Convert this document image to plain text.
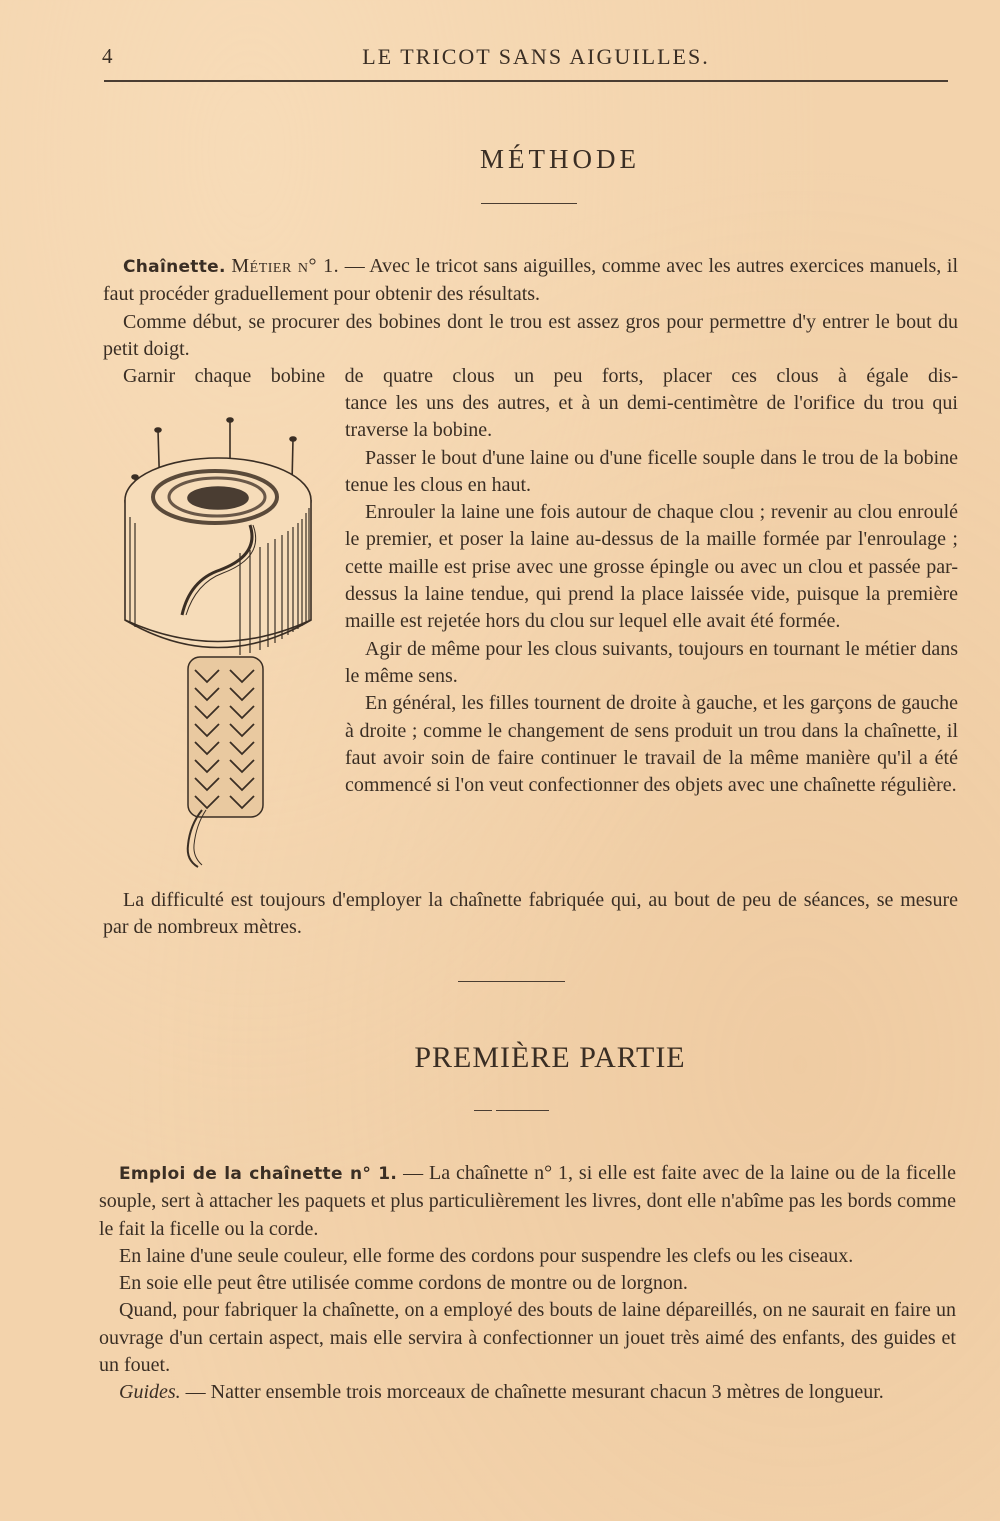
4	LE TRICOT SANS AIGUILLES.
MÉTHODE

Chaînette. Métier n° 1. — Avec le tricot sans aiguilles, comme avec les autres exercices manuels, il faut procéder graduellement pour obtenir des résultats.

Comme début, se procurer des bobines dont le trou est assez gros pour permettre d'y entrer le bout du petit doigt.

Garnir chaque bobine de quatre clous un peu forts, placer ces clous à égale dis-

tance les uns des autres, et à un demi-centimètre de l'orifice du trou qui traverse la bobine.

Passer le bout d'une laine ou d'une ficelle souple dans le trou de la bobine tenue les clous en haut.

Enrouler la laine une fois autour de chaque clou ; revenir au clou enroulé le premier, et poser la laine au-dessus de la maille formée par l'enroulage ; cette maille est prise avec une grosse épingle ou avec un clou et passée par-dessus la laine tendue, qui prend la place laissée vide, puisque la première maille est rejetée hors du clou sur lequel elle avait été formée.

Agir de même pour les clous suivants, toujours en tournant le métier dans le même sens.

En général, les filles tournent de droite à gauche, et les garçons de gauche à droite ; comme le changement de sens produit un trou dans la chaînette, il faut avoir soin de faire continuer le travail de la même manière qu'il a été commencé si l'on veut confectionner des objets avec une chaînette régulière.

La difficulté est toujours d'employer la chaînette fabriquée qui, au bout de peu de séances, se mesure par de nombreux mètres.

PREMIÈRE PARTIE

Emploi de la chaînette n° 1. — La chaînette n° 1, si elle est faite avec de la laine ou de la ficelle souple, sert à attacher les paquets et plus particulièrement les livres, dont elle n'abîme pas les bords comme le fait la ficelle ou la corde.

En laine d'une seule couleur, elle forme des cordons pour suspendre les clefs ou les ciseaux.

En soie elle peut être utilisée comme cordons de montre ou de lorgnon.

Quand, pour fabriquer la chaînette, on a employé des bouts de laine dépareillés, on ne saurait en faire un ouvrage d'un certain aspect, mais elle servira à confectionner un jouet très aimé des enfants, des guides et un fouet.

Guides. — Natter ensemble trois morceaux de chaînette mesurant chacun 3 mètres de longueur.
